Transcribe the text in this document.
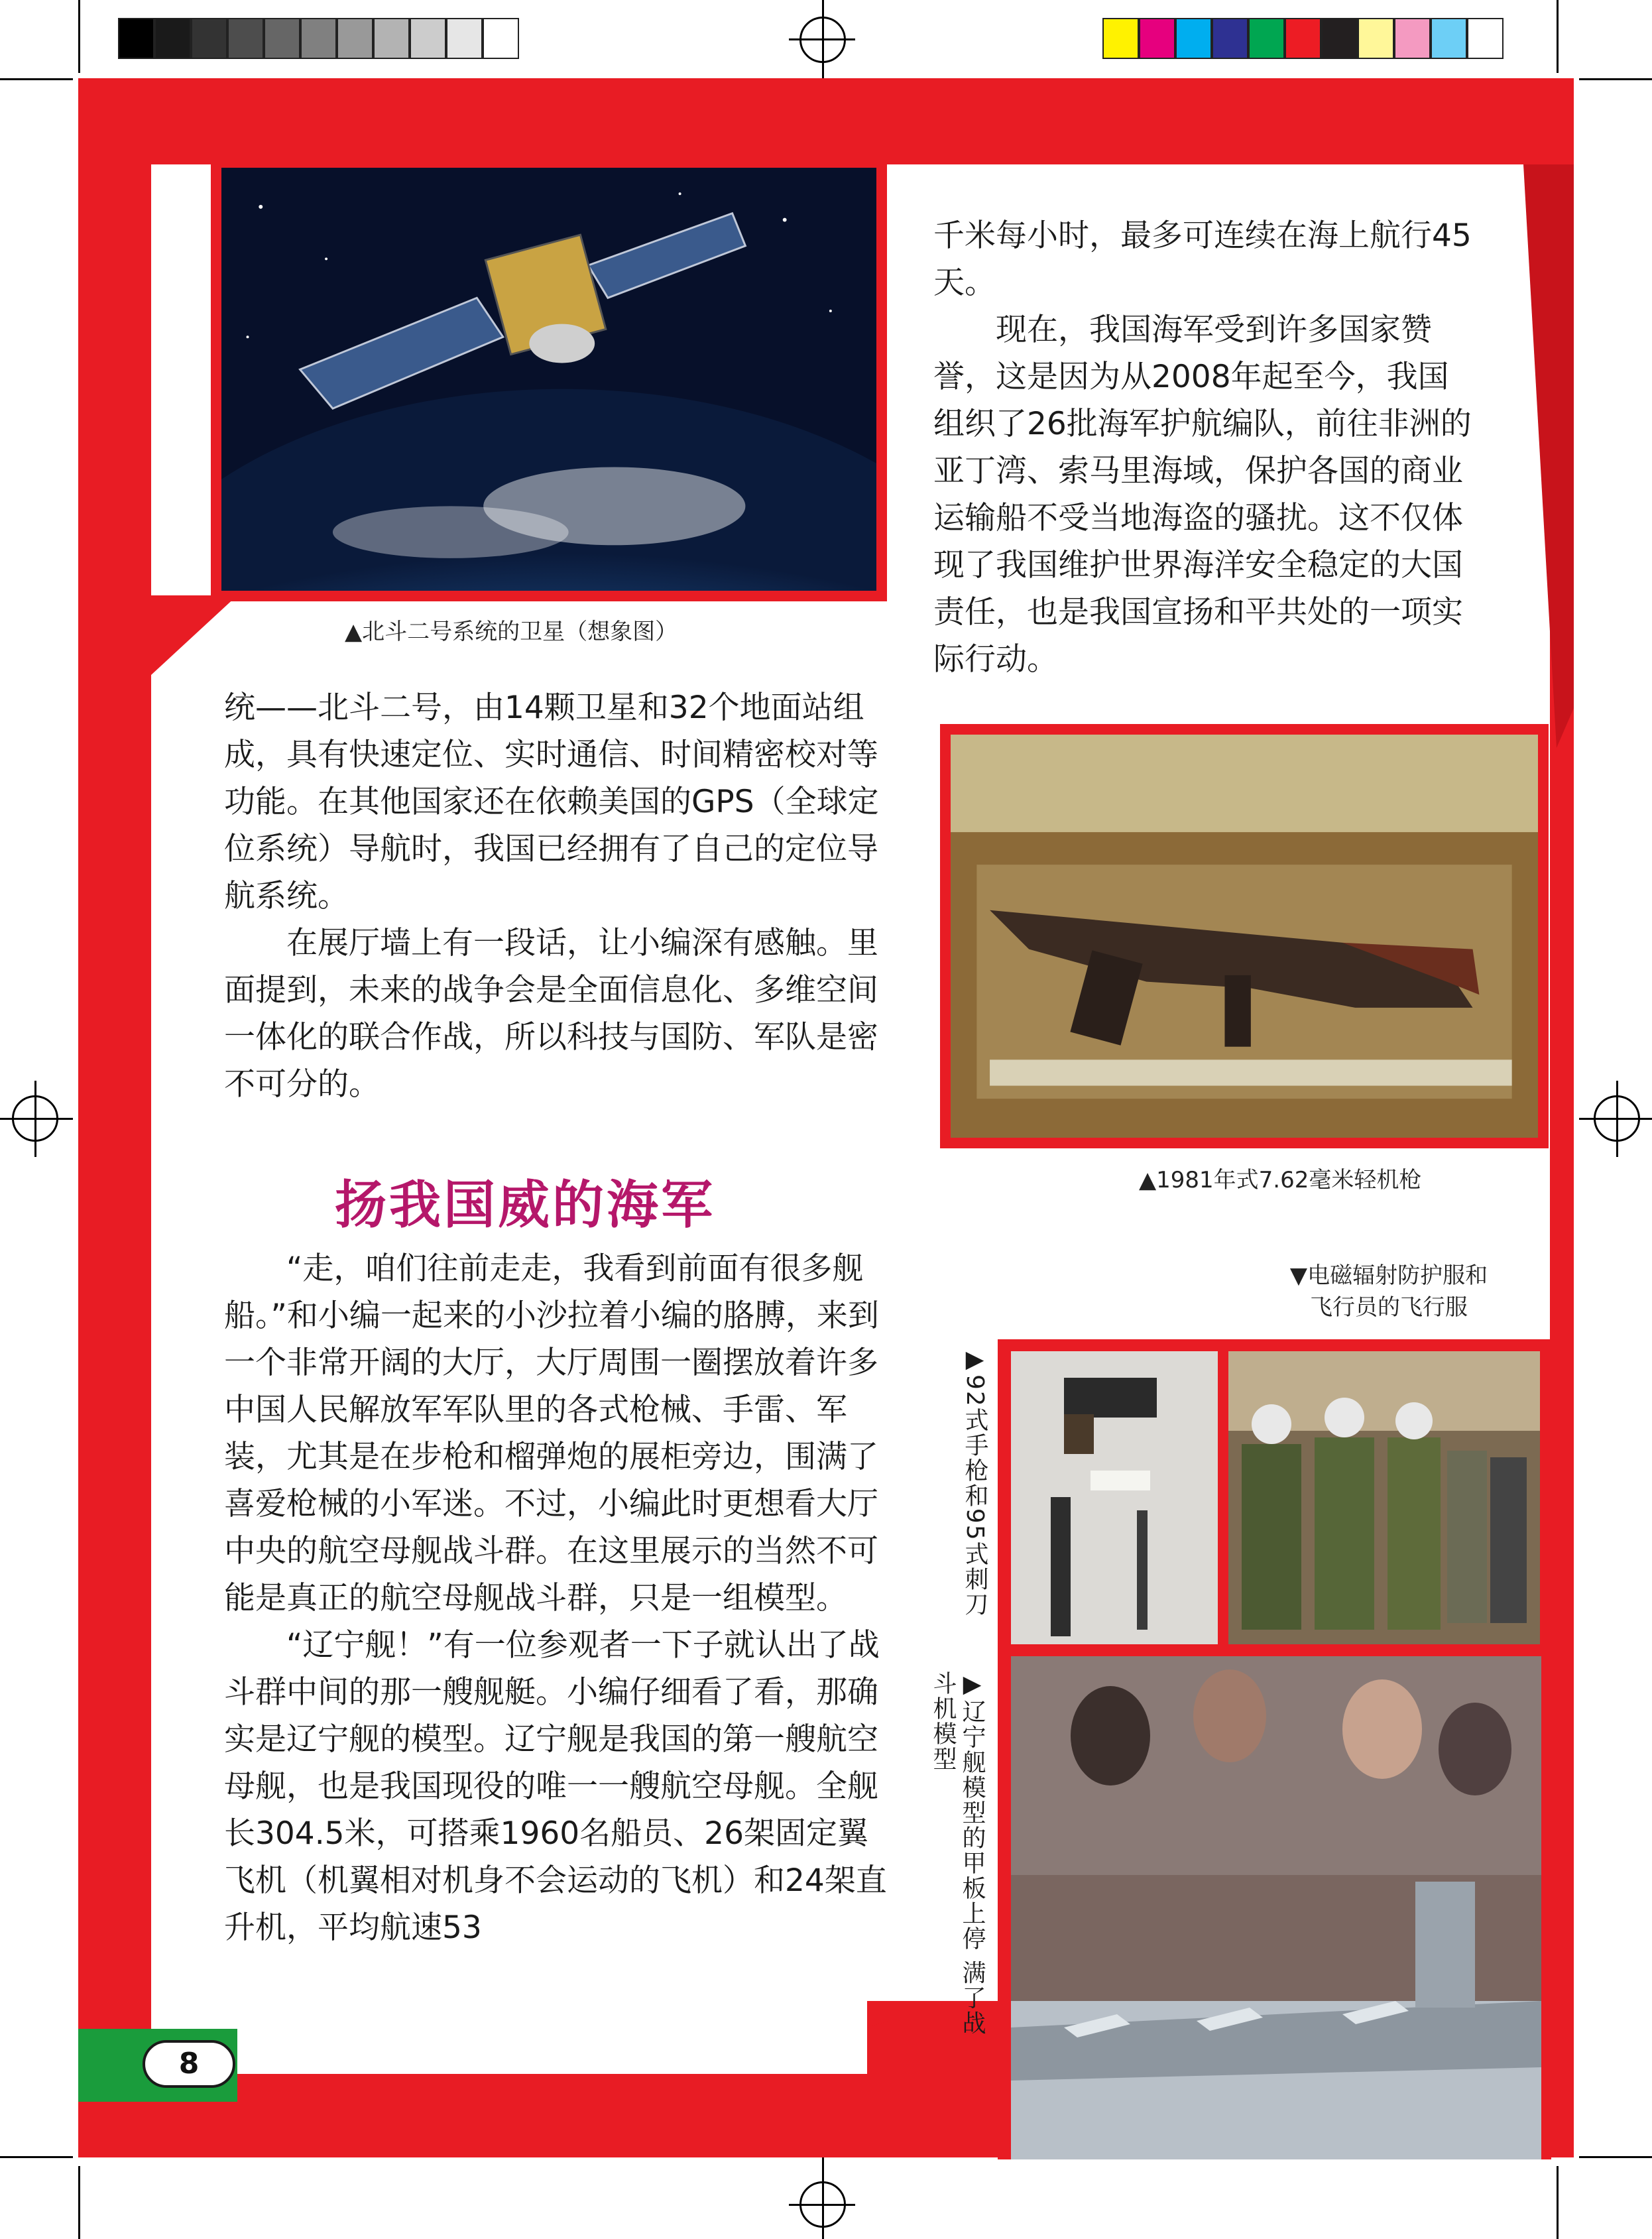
▲北斗二号系统的卫星（想象图）

千米每小时，最多可连续在海上航行45天。

现在，我国海军受到许多国家赞誉，这是因为从2008年起至今，我国组织了26批海军护航编队，前往非洲的亚丁湾、索马里海域，保护各国的商业运输船不受当地海盗的骚扰。这不仅体现了我国维护世界海洋安全稳定的大国责任，也是我国宣扬和平共处的一项实际行动。

统——北斗二号，由14颗卫星和32个地面站组成，具有快速定位、实时通信、时间精密校对等功能。在其他国家还在依赖美国的GPS（全球定位系统）导航时，我国已经拥有了自己的定位导航系统。

在展厅墙上有一段话，让小编深有感触。里面提到，未来的战争会是全面信息化、多维空间一体化的联合作战，所以科技与国防、军队是密不可分的。

扬我国威的海军

“走，咱们往前走走，我看到前面有很多舰船。”和小编一起来的小沙拉着小编的胳膊，来到一个非常开阔的大厅，大厅周围一圈摆放着许多中国人民解放军军队里的各式枪械、手雷、军装，尤其是在步枪和榴弹炮的展柜旁边，围满了喜爱枪械的小军迷。不过，小编此时更想看大厅中央的航空母舰战斗群。在这里展示的当然不可能是真正的航空母舰战斗群，只是一组模型。

“辽宁舰！”有一位参观者一下子就认出了战斗群中间的那一艘舰艇。小编仔细看了看，那确实是辽宁舰的模型。辽宁舰是我国的第一艘航空母舰，也是我国现役的唯一一艘航空母舰。全舰长304.5米，可搭乘1960名船员、26架固定翼飞机（机翼相对机身不会运动的飞机）和24架直升机，平均航速53

▲1981年式7.62毫米轻机枪
▼电磁辐射防护服和
飞行员的飞行服
▶92式手枪和95式刺刀
▶辽宁舰模型的甲板上停 满了战斗机模型
8
